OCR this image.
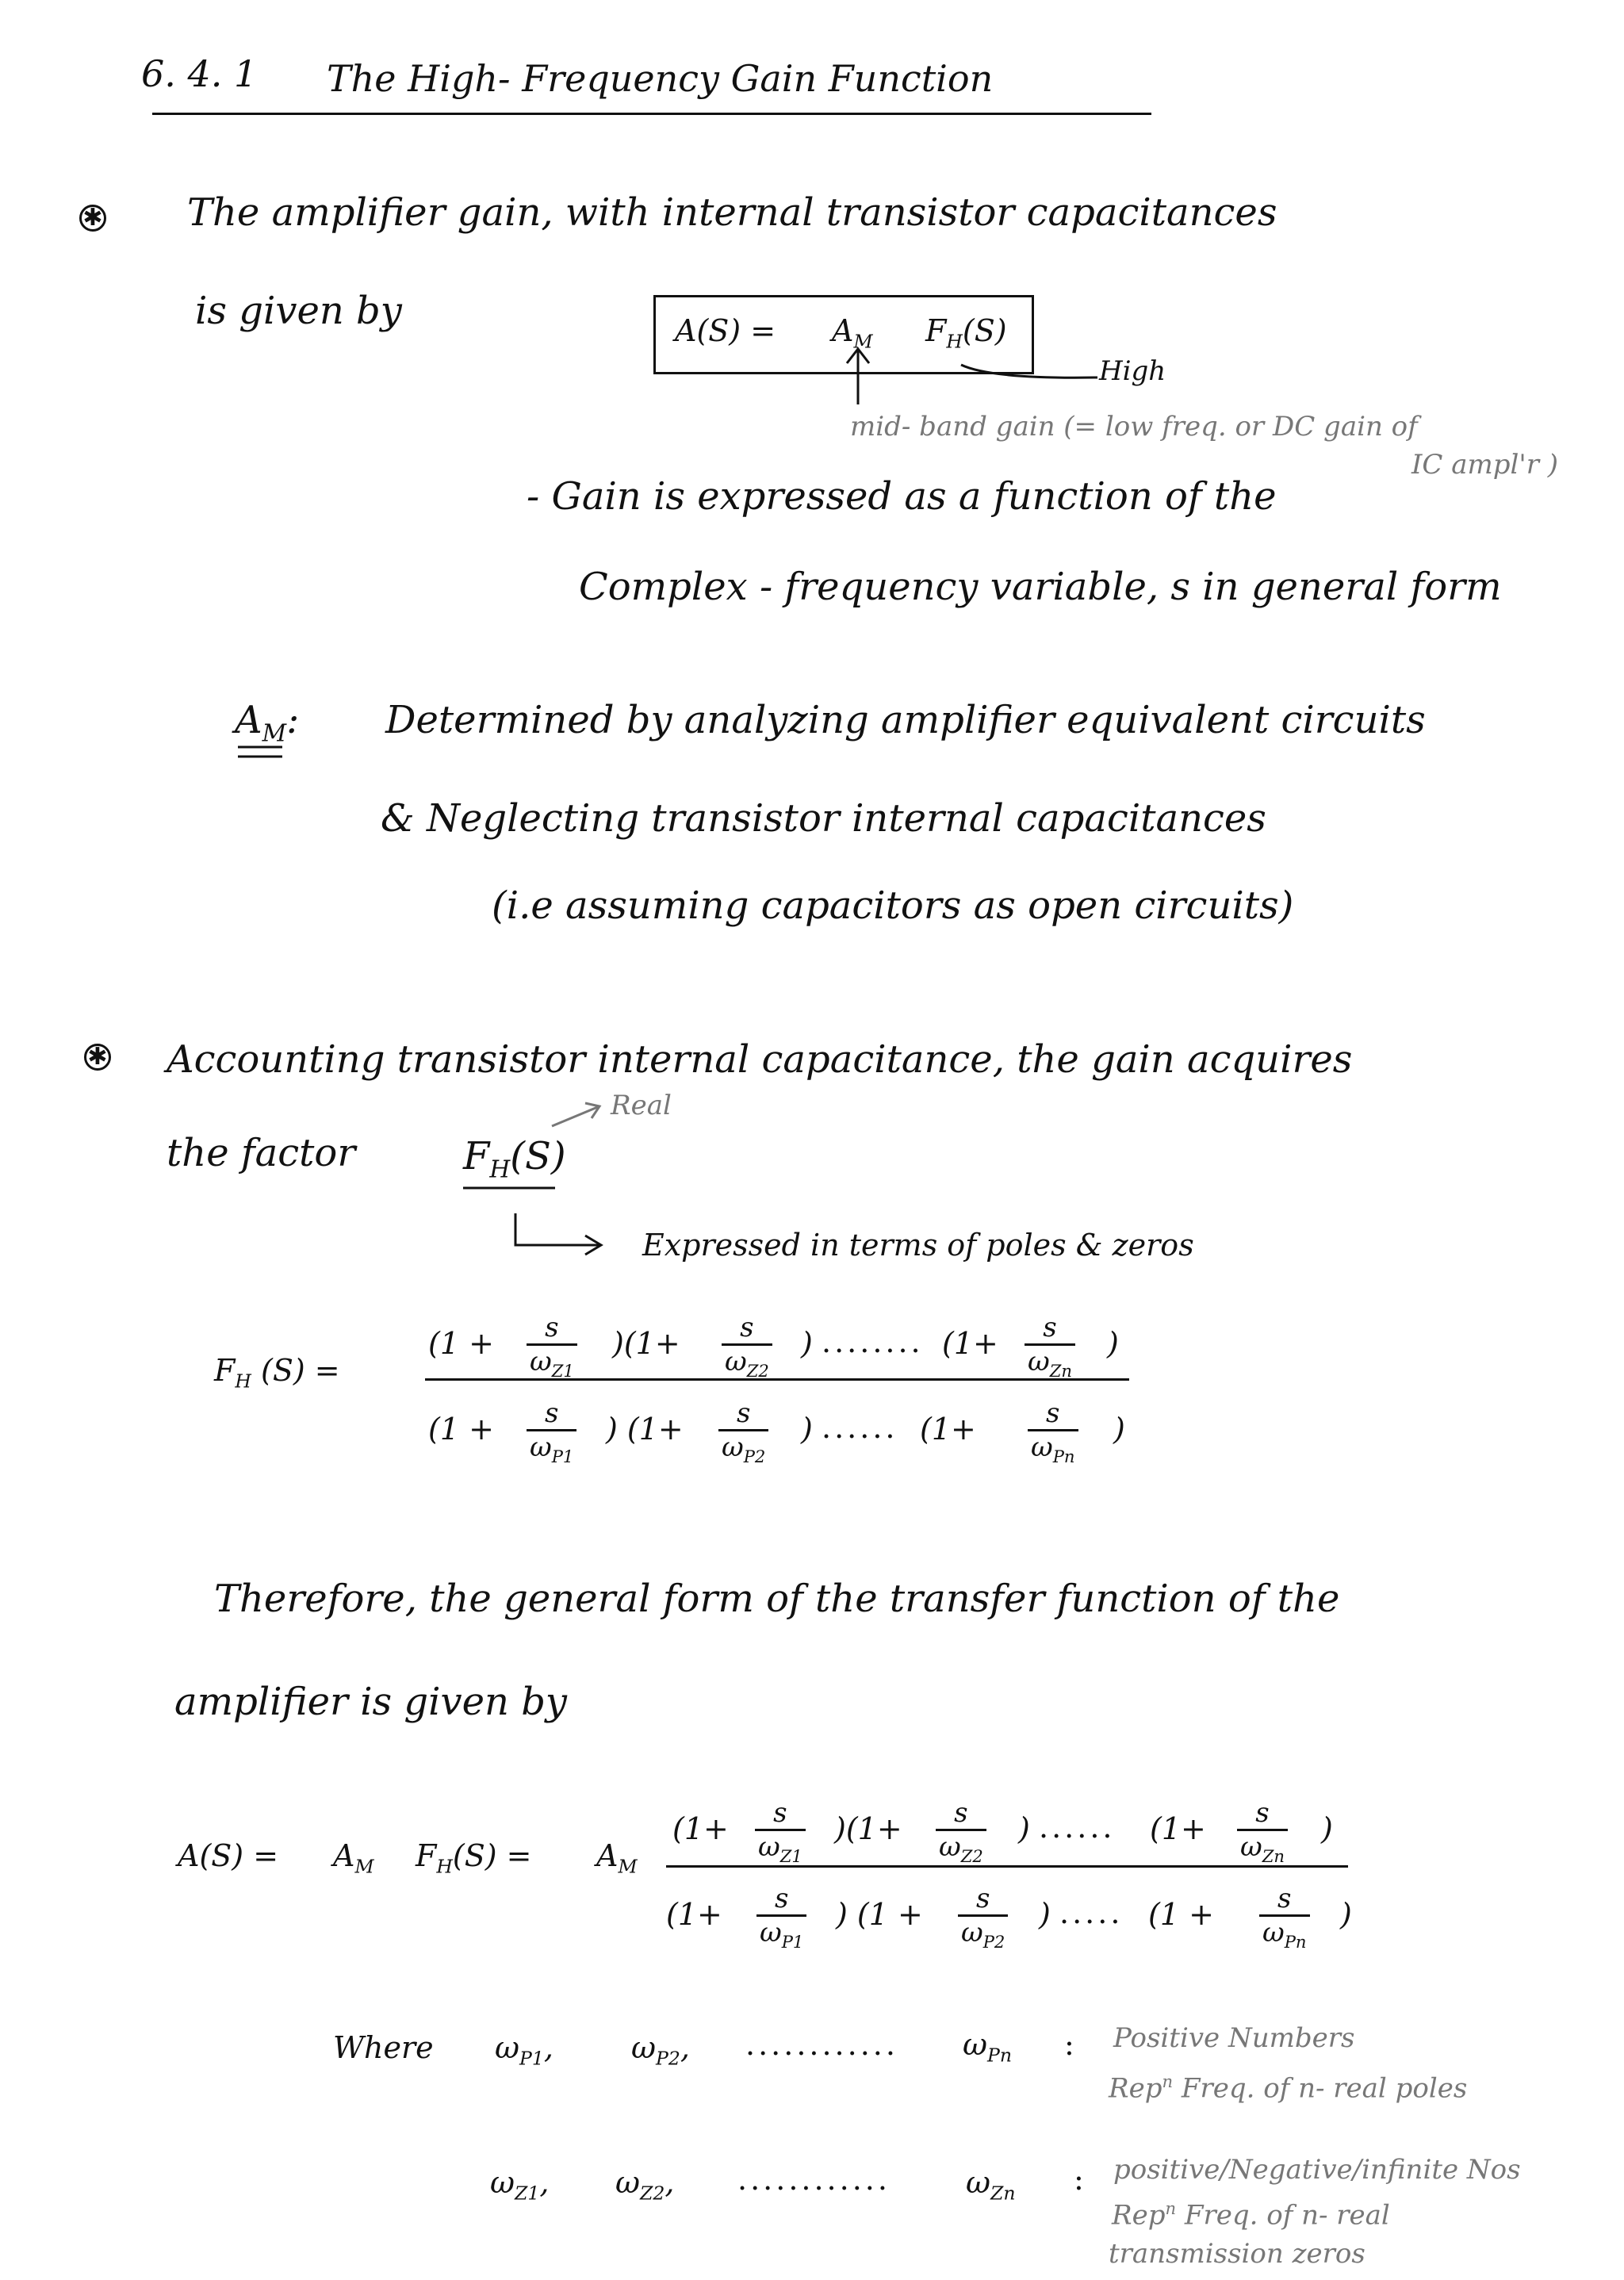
6. 4. 1 The High- Frequency Gain Function
✱ The amplifier gain, with internal transistor capacitances
is given by	$A(S) = A_M$ $F_H(S)$
High
mid- band gain (= low freq. or DC gain of
IC ampl'r )
- Gain is expressed as a function of the
Complex - frequency variable, s in general form
$A_M$: Determined by analyzing amplifier equivalent circuits
& Neglecting transistor internal capacitances
(i.e assuming capacitors as open circuits)
✱ Accounting transistor internal capacitance, the gain acquires
the factor	$F_H(S)$
Real
Expressed in terms of poles & zeros
$F_H$ (S) =
$(1 + \frac{s}{\omega_{Z1}} )(1+ \frac{s}{\omega_{Z2}}$ ) ........ (1+	s
$\omega_{Zn}$
)
($1 + \frac{s}{\omega_{P1}}$ ) ($1+ \frac{s}{\omega_{P2}}$ ) ...... (1+	s
$\omega_{Pn}$
)
Therefore, the general form of the transfer function of the
amplifier is given by
$A(S) = A_M$ $F_H(S) = A_M$
$(1+ \frac{s}{\omega_{Z1}} )(1+ \frac{s}{\omega_{Z2}}$ ) ...... (1+	s
$\omega_{Zn}$
)
($1+ \frac{s}{\omega_{P1}}$ ) ($1 + \frac{s}{\omega_{P2}}$ ) ..... (1 +	s
$\omega_{Pn}$
)
Where $\omega_{P1}$,	$\omega_{P2}$, ............ $\omega_{Pn}$ : Positive Numbers
Rep$^n$ Freq. of n- real poles
$\omega_{Z1}$, $\omega_{Z2}$, ............	$\omega_{Zn}$ : positive/Negative/infinite Nos
Rep$^n$ Freq. of n- real
transmission zeros
